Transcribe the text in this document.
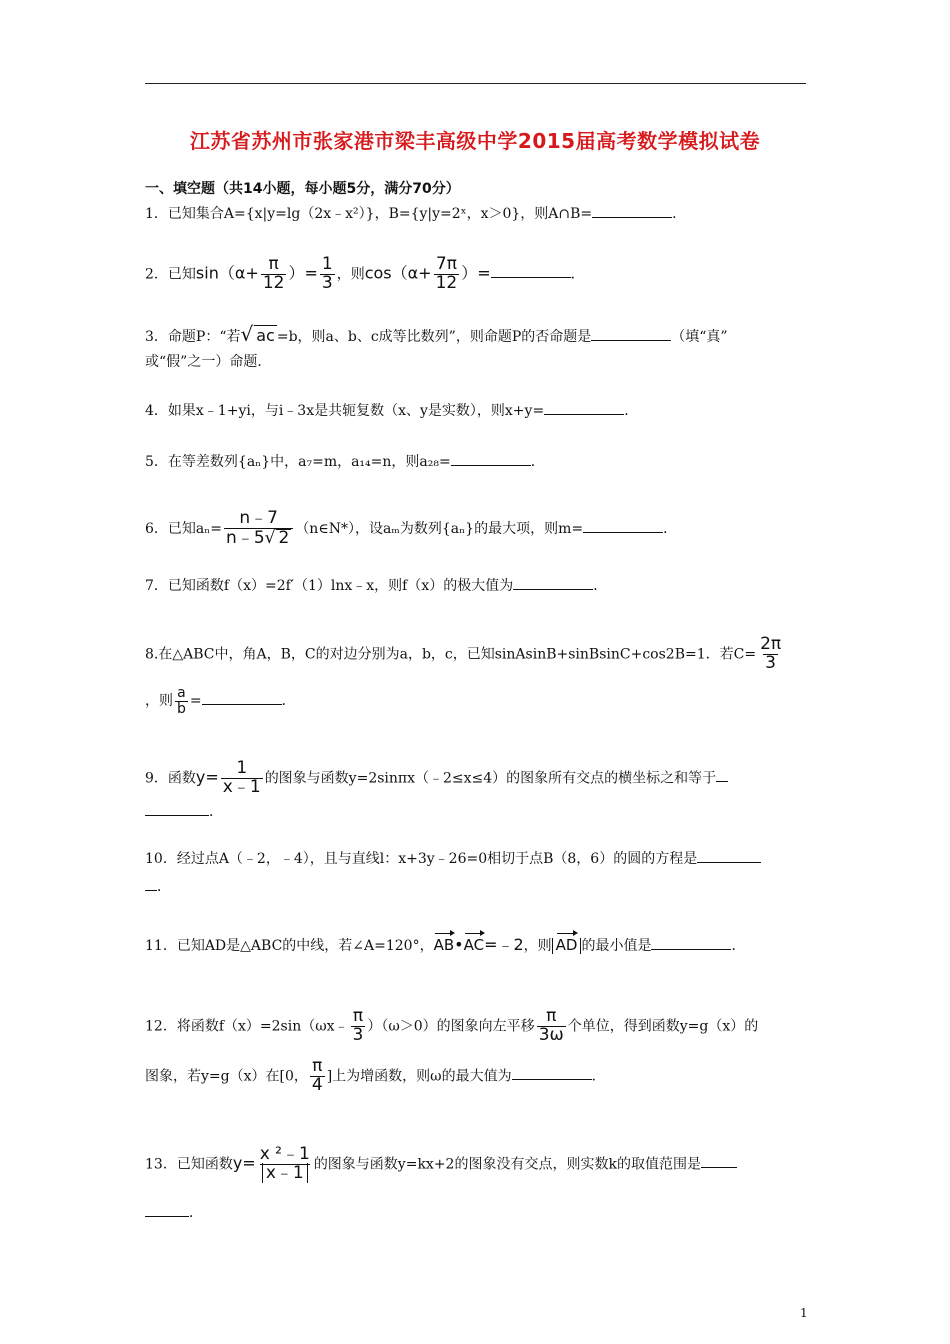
江苏省苏州市张家港市梁丰高级中学2015届高考数学模拟试卷
一、填空题（共14小题，每小题5分，满分70分）
1．已知集合A={x|y=lg（2x﹣x²）}，B={y|y=2ˣ，x＞0}，则A∩B=	．
2．已知$\sin(\alpha+ \frac{\pi}{12}$ ）= $\frac{1}{3}$ ，则$\cos(\alpha+ \frac{7\pi}{12}$ ）=	．
3．命题P：“若√ ac =b，则a、b、c成等比数列”，则命题P的否命题是	（填“真”
或“假”之一）命题．
4．如果x﹣1+yi，与i﹣3x是共轭复数（x、y是实数），则x+y=	．
5．在等差数列{aₙ}中，a₇=m，a₁₄=n，则a₂₈=	．
6．已知$a_n= \frac{n﹣7}{n﹣5√ 2}$ （n∈N*），设aₘ为数列{aₙ}的最大项，则m=	．
7．已知函数f（x）=2f′（1）lnx﹣x，则f（x）的极大值为	．
8.在△ABC中，角A，B，C的对边分别为a，b，c，已知sinAsinB+sinBsinC+cos2B=1．若$C= \frac{2\pi}{3}$
，则 $\frac{a}{b}$ =	．
9．函数$y= \frac{1}{x﹣1}$ 的图象与函数y=2sinπx（﹣2≤x≤4）的图象所有交点的横坐标之和等于
．
10．经过点A（﹣2，﹣4），且与直线l：x+3y﹣26=0相切于点B（8，6）的圆的方程是
．
11．已知AD是△ABC的中线，若∠A=120°，AB•AC=﹣2，则 AD 的最小值是	．
12．将函数f（x）=2sin（ωx﹣ $\frac{\pi}{3} )(\omega>0)$的图象向左平移 $\frac{\pi}{3\omega}$ 个单位，得到函数y=g（x）的
图象，若y=g（x）在[0， $\frac{\pi}{4}$ ]上为增函数，则ω的最大值为	．
13．已知函数$y= \frac{\text{x ²﹣1}}{x﹣1}$ 的图象与函数y=kx+2的图象没有交点，则实数k的取值范围是
．
1
